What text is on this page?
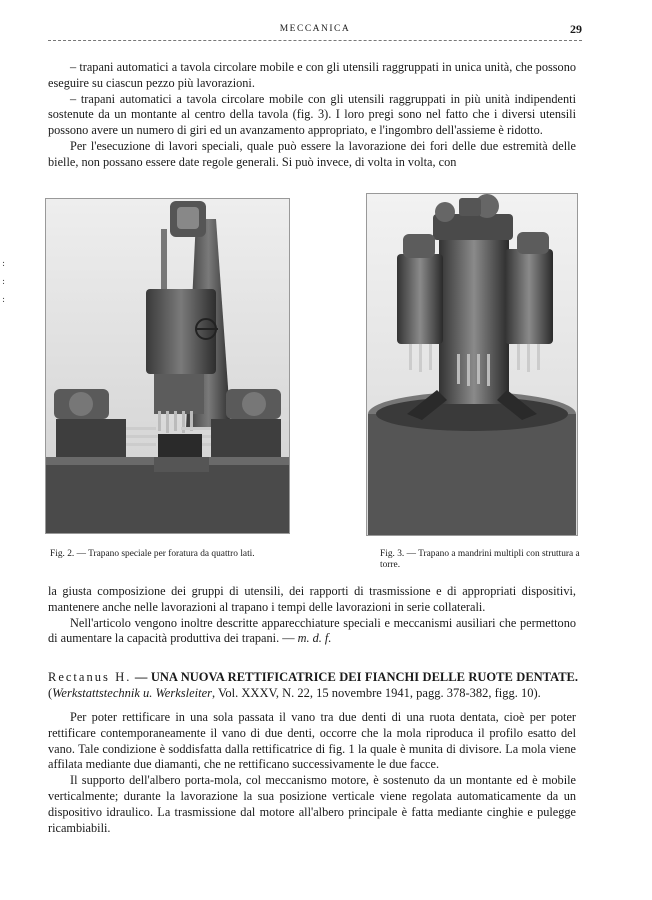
:
:
:
MECCANICA	29

– trapani automatici a tavola circolare mobile e con gli utensili raggruppati in unica unità, che possono eseguire su ciascun pezzo più lavorazioni.

– trapani automatici a tavola circolare mobile con gli utensili raggruppati in più unità indipendenti sostenute da un montante al centro della tavola (fig. 3). I loro pregi sono nel fatto che i diversi utensili possono avere un numero di giri ed un avanzamento appropriato, e l'ingombro dell'assieme è ridotto.

Per l'esecuzione di lavori speciali, quale può essere la lavorazione dei fori delle due estremità delle bielle, non possano essere date regole generali. Si può invece, di volta in volta, con

Fig. 2. — Trapano speciale per foratura da quattro lati.	Fig. 3. — Trapano a mandrini multipli con struttura a torre.

la giusta composizione dei gruppi di utensili, dei rapporti di trasmissione e di appropriati dispositivi, mantenere anche nelle lavorazioni al trapano i tempi delle lavorazioni in serie collaterali.

Nell'articolo vengono inoltre descritte apparecchiature speciali e meccanismi ausiliari che permettono di aumentare la capacità produttiva dei trapani. — m. d. f.

Rectanus H. — UNA NUOVA RETTIFICATRICE DEI FIANCHI DELLE RUOTE DENTATE. (Werkstattstechnik u. Werksleiter, Vol. XXXV, N. 22, 15 novembre 1941, pagg. 378-382, figg. 10).

Per poter rettificare in una sola passata il vano tra due denti di una ruota dentata, cioè per poter rettificare contemporaneamente il vano di due denti, occorre che la mola riproduca il profilo esatto del vano. Tale condizione è soddisfatta dalla rettificatrice di fig. 1 la quale è munita di divisore. La mola viene affilata mediante due diamanti, che ne rettificano successivamente le due facce.

Il supporto dell'albero porta-mola, col meccanismo motore, è sostenuto da un montante ed è mobile verticalmente; durante la lavorazione la sua posizione verticale viene regolata automaticamente da un dispositivo idraulico. La trasmissione dal motore all'albero principale è fatta mediante cinghie e pulegge ricambiabili.
